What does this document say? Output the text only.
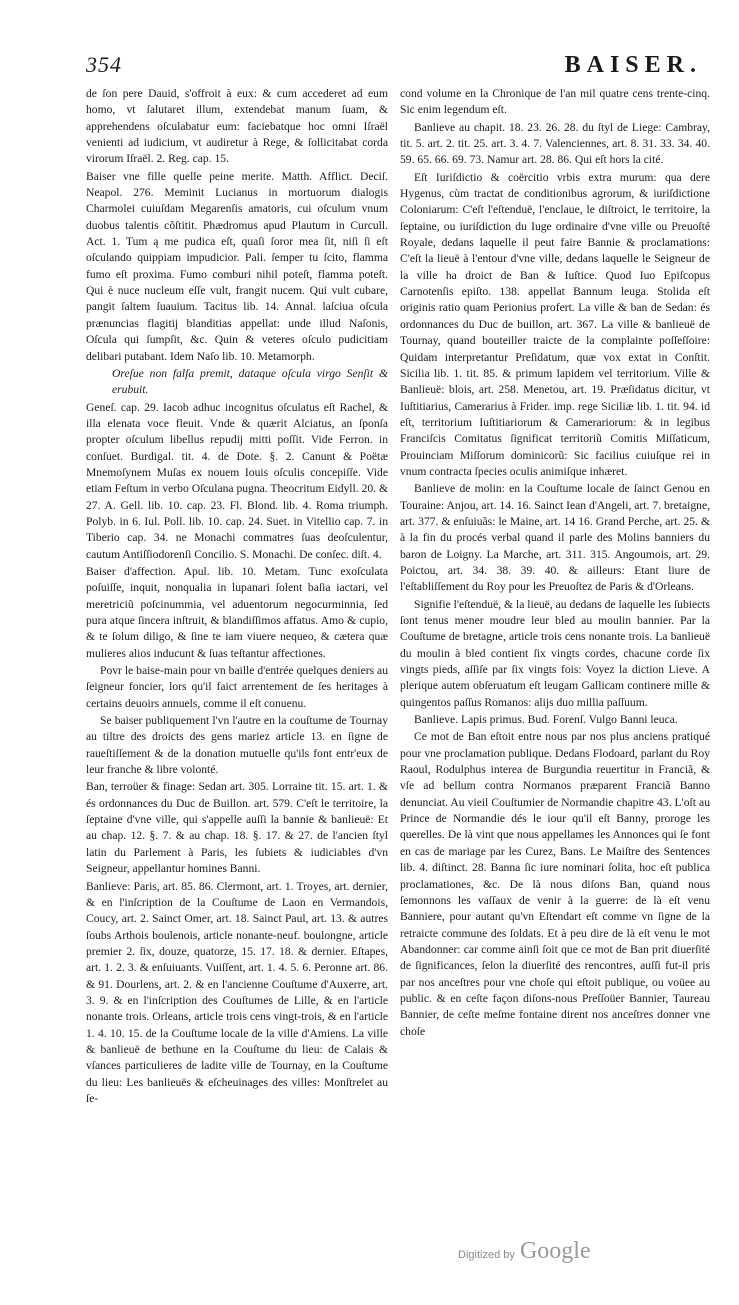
354	BAISER.

de ſon pere Dauid, s'offroit à eux: & cum accederet ad eum homo, vt ſalutaret illum, extendebat manum ſuam, & apprehendens oſculabatur eum: faciebatque hoc omni Iſraël venienti ad iudicium, vt audiretur à Rege, & ſollicitabat corda virorum Iſraël. 2. Reg. cap. 15.

Baiser vne fille quelle peine merite. Matth. Afflict. Deciſ. Neapol. 276. Meminit Lucianus in mortuorum dialogis Charmolei cuiuſdam Megarenſis amatoris, cui oſculum vnum duobus talentis cõſtitit. Phædromus apud Plautum in Curcull. Act. 1. Tum ą me pudica eſt, quaſi ſoror mea ſit, niſi ſi eſt oſculando quippiam impudicior. Pali. ſemper tu ſcito, flamma fumo eſt proxima. Fumo comburi nihil poteſt, flamma poteſt. Qui è nuce nucleum eſſe vult, frangit nucem. Qui vult cubare, pangit ſaltem ſuauium. Tacitus lib. 14. Annal. laſciua oſcula prænuncias flagitij blanditias appellat: unde illud Naſonis, Oſcula qui ſumpſit, &c. Quin & veteres oſculo pudicitiam delibari putabant. Idem Naſo lib. 10. Metamorph.

Oreſue non falſa premit, dataque oſcula virgo Senſit & erubuit.

Geneſ. cap. 29. Iacob adhuc incognitus oſculatus eſt Rachel, & illa elenata voce fleuit. Vnde & quærit Alciatus, an ſponſa propter oſculum libellus repudij mitti poſſit. Vide Ferron. in conſuet. Burdigal. tit. 4. de Dote. §. 2. Canunt & Poëtæ Mnemoſynem Muſas ex nouem Iouis oſculis concepiſſe. Vide etiam Feſtum in verbo Oſculana pugna. Theocritum Eidyll. 20. & 27. A. Gell. lib. 10. cap. 23. Fl. Blond. lib. 4. Roma triumph. Polyb. in 6. Iul. Poll. lib. 10. cap. 24. Suet. in Vitellio cap. 7. in Tiberio cap. 34. ne Monachi commatres ſuas deoſculentur, cautum Antiſſiodorenſi Concilio. S. Monachi. De conſec. diſt. 4.

Baiser d'affection. Apul. lib. 10. Metam. Tunc exoſculata poſuiſſe, inquit, nonqualia in lupanari ſolent baſia iactari, vel meretriciũ poſcinummia, vel aduentorum negocurminnia, ſed pura atque ſincera inſtruit, & blandiſſimos affatus. Amo & cupio, & te ſolum diligo, & ſine te iam viuere nequeo, & cætera quæ mulieres alios inducunt & ſuas teſtantur affectiones.

Povr le baise-main pour vn baille d'entrée quelques deniers au ſeigneur foncier, lors qu'il faict arrentement de ſes heritages à certains deuoirs annuels, comme il eſt conuenu.

Se baiser publiquement l'vn l'autre en la couſtume de Tournay au tiltre des droicts des gens mariez article 13. en ſigne de raueſtiſſement & de la donation mutuelle qu'ils font entr'eux de leur franche & libre volonté.

Ban, terroüer & finage: Sedan art. 305. Lorraine tit. 15. art. 1. & és ordonnances du Duc de Buillon. art. 579. C'eſt le territoire, la ſeptaine d'vne ville, qui s'appelle auſſi la bannie & banlieuë: Et au chap. 12. §. 7. & au chap. 18. §. 17. & 27. de l'ancien ſtyl latin du Parlement à Paris, les ſubiets & iudiciables d'vn Seigneur, appellantur homines Banni.

Banlieve: Paris, art. 85. 86. Clermont, art. 1. Troyes, art. dernier, & en l'inſcription de la Couſtume de Laon en Vermandois, Coucy, art. 2. Sainct Omer, art. 18. Sainct Paul, art. 13. & autres ſoubs Arthois boulenois, article nonante-neuf. boulongne, article premier 2. ſix, douze, quatorze, 15. 17. 18. & dernier. Eſtapes, art. 1. 2. 3. & enſuiuants. Vuiſſent, art. 1. 4. 5. 6. Peronne art. 86. & 91. Dourlens, art. 2. & en l'ancienne Couſtume d'Auxerre, art. 3. 9. & en l'inſcription des Couſtumes de Lille, & en l'article nonante trois. Orleans, article trois cens vingt-trois, & en l'article 1. 4. 10. 15. de la Couſtume locale de la ville d'Amiens. La ville & banlieuë de bethune en la Couſtume du lieu: de Calais & vſances particulieres de ladite ville de Tournay, en la Couſtume du lieu: Les banlieuës & eſcheuinages des villes: Monſtrelet au ſe-

cond volume en la Chronique de l'an mil quatre cens trente-cinq. Sic enim legendum eſt.

Banlieve au chapit. 18. 23. 26. 28. du ſtyl de Liege: Cambray, tit. 5. art. 2. tit. 25. art. 3. 4. 7. Valenciennes, art. 8. 31. 33. 34. 40. 59. 65. 66. 69. 73. Namur art. 28. 86. Qui eſt hors la cité.

Eſt Iuriſdictio & coërcitio vrbis extra murum: qua dere Hygenus, cùm tractat de conditionibus agrorum, & iuriſdictione Coloniarum: C'eſt l'eſtenduë, l'enclaue, le diſtroict, le territoire, la ſeptaine, ou iuriſdiction du Iuge ordinaire d'vne ville ou Preuoſté Royale, dedans laquelle il peut faire Bannie & proclamations: C'eſt la lieuë à l'entour d'vne ville, dedans laquelle le Seigneur de la ville ha droict de Ban & Iuſtice. Quod Iuo Epiſcopus Carnotenſis epiſto. 138. appellat Bannum leuga. Stolida eſt originis ratio quam Perionius profert. La ville & ban de Sedan: és ordonnances du Duc de buillon, art. 367. La ville & banlieuë de Tournay, quand bouteiller traicte de la complainte poſſeſſoire: Quidam interpretantur Preſidatum, quæ vox extat in Conſtit. Sicilia lib. 1. tit. 85. & primum lapidem vel territorium. Ville & Banlieuë: blois, art. 258. Menetou, art. 19. Præſidatus dicitur, vt Iuſtitiarius, Camerarius à Frider. imp. rege Siciliæ lib. 1. tit. 94. id eſt, territorium Iuſtitiariorum & Camerariorum: & in legibus Franciſcis Comitatus ſignificat territoriũ Comitis Miſſaticum, Prouinciam Miſſorum dominicorũ: Sic facilius cuiuſque rei in vnum contracta ſpecies oculis animiſque inhæret.

Banlieve de molin: en la Couſtume locale de ſainct Genou en Touraine: Anjou, art. 14. 16. Sainct Iean d'Angeli, art. 7. bretaigne, art. 377. & enſuiuãs: le Maine, art. 14 16. Grand Perche, art. 25. & à la fin du procés verbal quand il parle des Molins banniers du baron de Loigny. La Marche, art. 311. 315. Angoumois, art. 29. Poictou, art. 34. 38. 39. 40. & ailleurs: Etant liure de l'eſtabliſſement du Roy pour les Preuoſtez de Paris & d'Orleans.

Signifie l'eſtenduë, & la lieuë, au dedans de laquelle les ſubiects ſont tenus mener moudre leur bled au moulin bannier. Par la Couſtume de bretagne, article trois cens nonante trois. La banlieuë du moulin à bled contient ſix vingts cordes, chacune corde ſix vingts pieds, aſſiſe par ſix vingts fois: Voyez la diction Lieve. A plerique autem obſeruatum eſt leugam Gallicam continere mille & quingentos paſſus Romanos: alijs duo millia paſſuum.

Banlieve. Lapis primus. Bud. Forenſ. Vulgo Banni leuca.

Ce mot de Ban eſtoit entre nous par nos plus anciens pratiqué pour vne proclamation publique. Dedans Flodoard, parlant du Roy Raoul, Rodulphus interea de Burgundia reuertitur in Franciã, & vſe ad bellum contra Normanos præparent Franciã Banno denunciat. Au vieil Couſtumier de Normandie chapitre 43. L'oſt au Prince de Normandie dés le iour qu'il eſt Banny, proroge les querelles. De là vint que nous appellames les Annonces qui ſe font en cas de mariage par les Curez, Bans. Le Maiſtre des Sentences lib. 4. diſtinct. 28. Banna ſic iure nominari ſolita, hoc eſt publica proclamationes, &c. De là nous diſons Ban, quand nous ſemonnons les vaſſaux de venir à la guerre: de là eſt venu Banniere, pour autant qu'vn Eſtendart eſt comme vn ſigne de la retraicte commune des ſoldats. Et à peu dire de là eſt venu le mot Abandonner: car comme ainſi ſoit que ce mot de Ban prit diuerſité de ſignificances, ſelon la diuerſité des rencontres, auſſi fut-il pris par nos anceſtres pour vne choſe qui eſtoit publique, ou voüee au public. & en ceſte façon diſons-nous Preſſoüer Bannier, Taureau Bannier, de ceſte meſme fontaine dirent nos anceſtres donner vne choſe

Digitized by Google
